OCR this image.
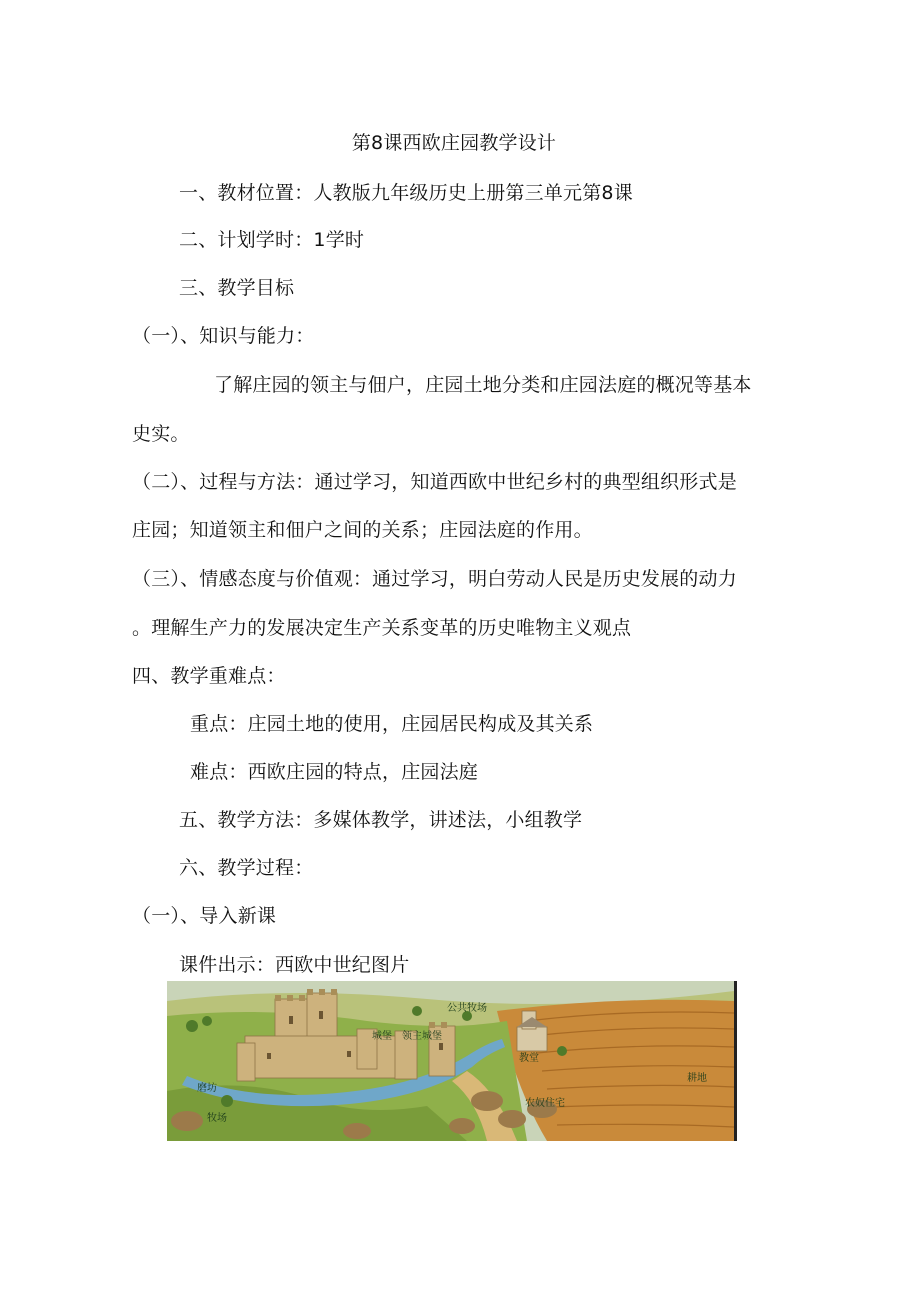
第8课西欧庄园教学设计
一、教材位置：人教版九年级历史上册第三单元第8课
二、计划学时：1学时
三、教学目标
（一）、知识与能力：
了解庄园的领主与佃户，庄园土地分类和庄园法庭的概况等基本
史实。
（二）、过程与方法：通过学习，知道西欧中世纪乡村的典型组织形式是
庄园；知道领主和佃户之间的关系；庄园法庭的作用。
（三）、情感态度与价值观：通过学习，明白劳动人民是历史发展的动力
。理解生产力的发展决定生产关系变革的历史唯物主义观点
四、教学重难点：
重点：庄园土地的使用，庄园居民构成及其关系
难点：西欧庄园的特点，庄园法庭
五、教学方法：多媒体教学，讲述法，小组教学
六、教学过程：
（一）、导入新课
课件出示：西欧中世纪图片
公共牧场
城堡 领主城堡
教堂
耕地
农奴住宅
磨坊
牧场
